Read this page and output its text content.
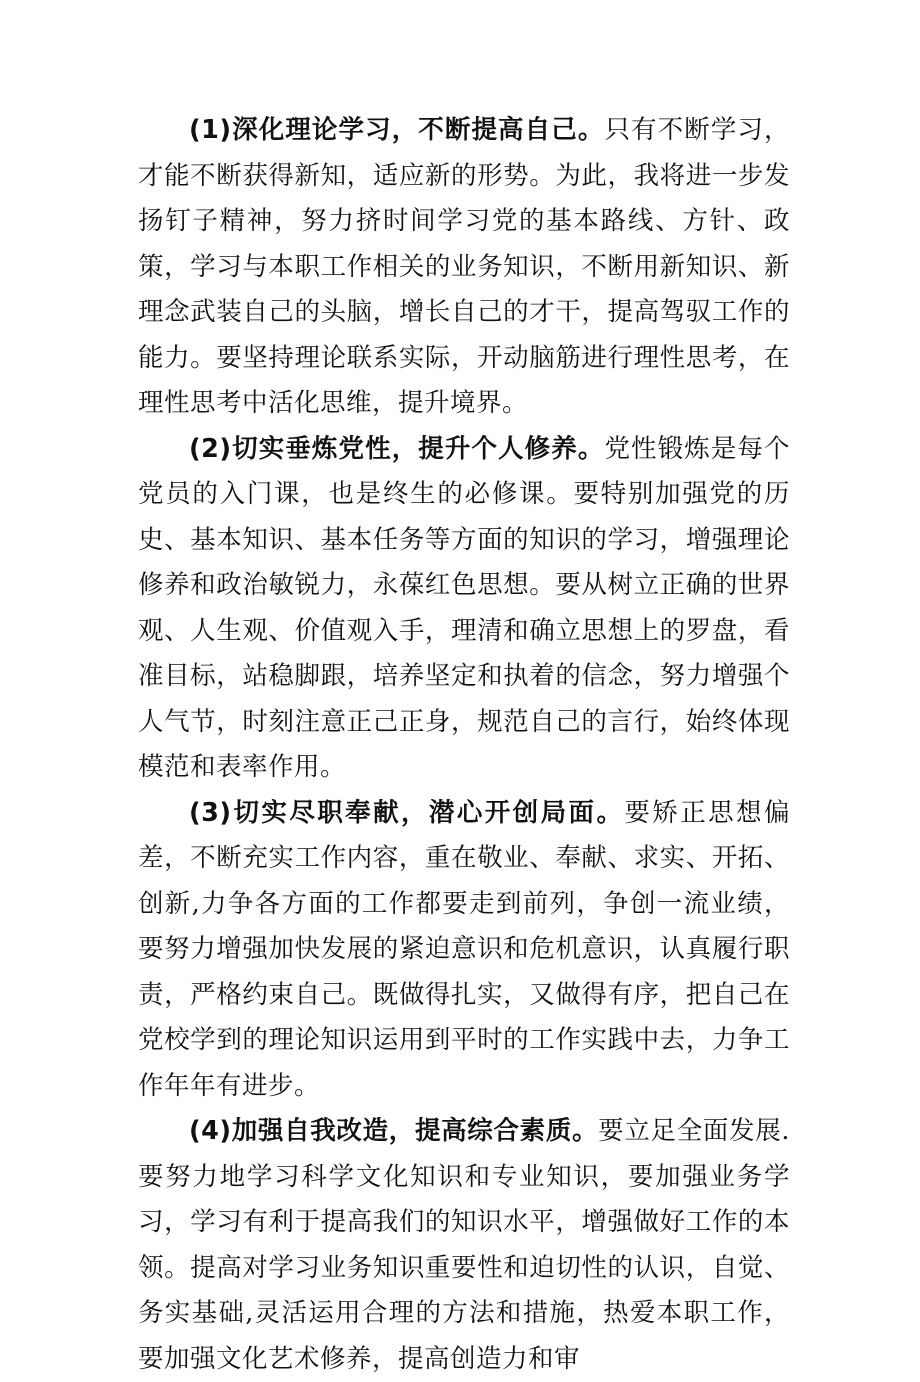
(1)深化理论学习，不断提高自己。只有不断学习，才能不断获得新知，适应新的形势。为此，我将进一步发扬钉子精神，努力挤时间学习党的基本路线、方针、政策，学习与本职工作相关的业务知识，不断用新知识、新理念武装自己的头脑，增长自己的才干，提高驾驭工作的能力。要坚持理论联系实际，开动脑筋进行理性思考，在理性思考中活化思维，提升境界。

(2)切实垂炼党性，提升个人修养。党性锻炼是每个党员的入门课，也是终生的必修课。要特别加强党的历史、基本知识、基本任务等方面的知识的学习，增强理论修养和政治敏锐力，永葆红色思想。要从树立正确的世界观、人生观、价值观入手，理清和确立思想上的罗盘，看准目标，站稳脚跟，培养坚定和执着的信念，努力增强个人气节，时刻注意正己正身，规范自己的言行，始终体现模范和表率作用。

(3)切实尽职奉献，潜心开创局面。要矫正思想偏差，不断充实工作内容，重在敬业、奉献、求实、开拓、创新,力争各方面的工作都要走到前列，争创一流业绩，要努力增强加快发展的紧迫意识和危机意识，认真履行职责，严格约束自己。既做得扎实，又做得有序，把自己在党校学到的理论知识运用到平时的工作实践中去，力争工作年年有进步。

(4)加强自我改造，提高综合素质。要立足全面发展.要努力地学习科学文化知识和专业知识，要加强业务学习，学习有利于提高我们的知识水平，增强做好工作的本领。提高对学习业务知识重要性和迫切性的认识，自觉、务实基础,灵活运用合理的方法和措施，热爱本职工作，要加强文化艺术修养，提高创造力和审
